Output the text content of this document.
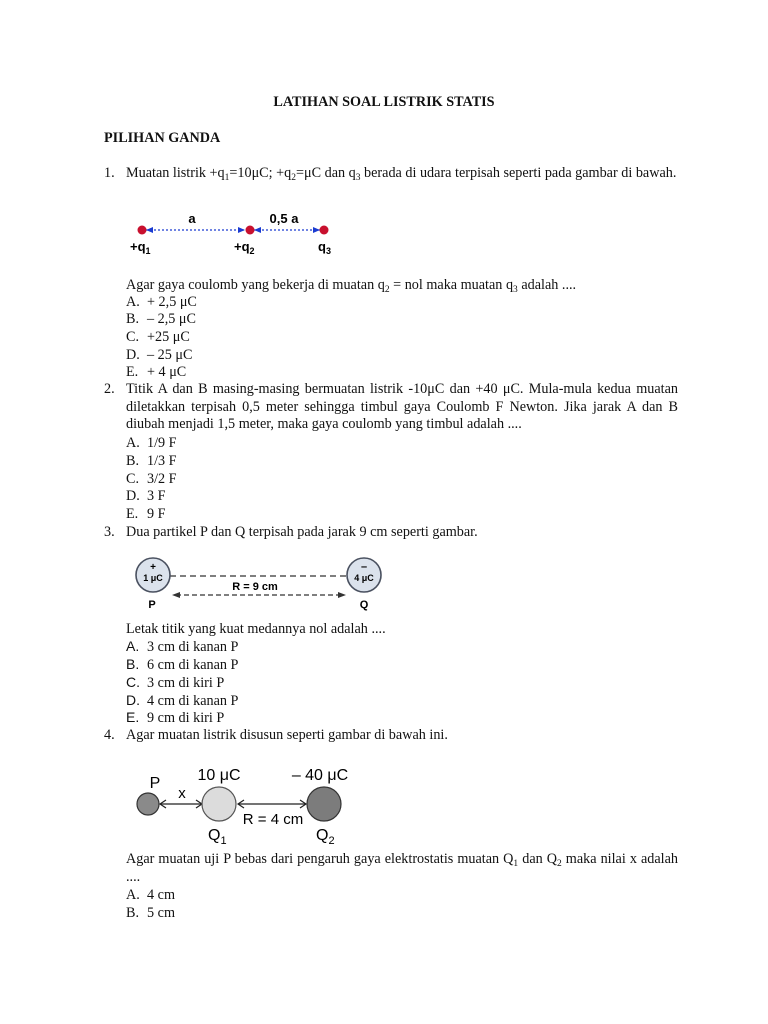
LATIHAN SOAL LISTRIK STATIS
PILIHAN GANDA
1. Muatan listrik $+q_1=10\mu C$; $+q_2=\mu C$ dan $q_3$ berada di udara terpisah seperti pada gambar di bawah.
a	0,5 a
$+q_1$	$+q_2$	$q_3$
Agar gaya coulomb yang bekerja di muatan $q_2$ = nol maka muatan $q_3$ adalah ....
A. + 2,5 μC
B. – 2,5 μC
C. +25 μC
D. – 25 μC
E. + 4 μC
2. Titik A dan B masing-masing bermuatan listrik -10μC dan +40 μC. Mula-mula kedua muatan diletakkan terpisah 0,5 meter sehingga timbul gaya Coulomb F Newton. Jika jarak A dan B diubah menjadi 1,5 meter, maka gaya coulomb yang timbul adalah ....
A. 1/9 F
B. 1/3 F
C. 3/2 F
D. 3 F
E. 9 F
3. Dua partikel P dan Q terpisah pada jarak 9 cm seperti gambar.
R = 9 cm
+
1 μC
–
4 μC
P	Q
Letak titik yang kuat medannya nol adalah ....
A. 3 cm di kanan P
B. 6 cm di kanan P
C. 3 cm di kiri P
D. 4 cm di kanan P
E. 9 cm di kiri P
4. Agar muatan listrik disusun seperti gambar di bawah ini.
P 10 μC	– 40 μC
x
R = 4 cm
$Q_1$	$Q_2$
Agar muatan uji P bebas dari pengaruh gaya elektrostatis muatan $Q_1$ dan $Q_2$ maka nilai x adalah ....
A. 4 cm
B. 5 cm
